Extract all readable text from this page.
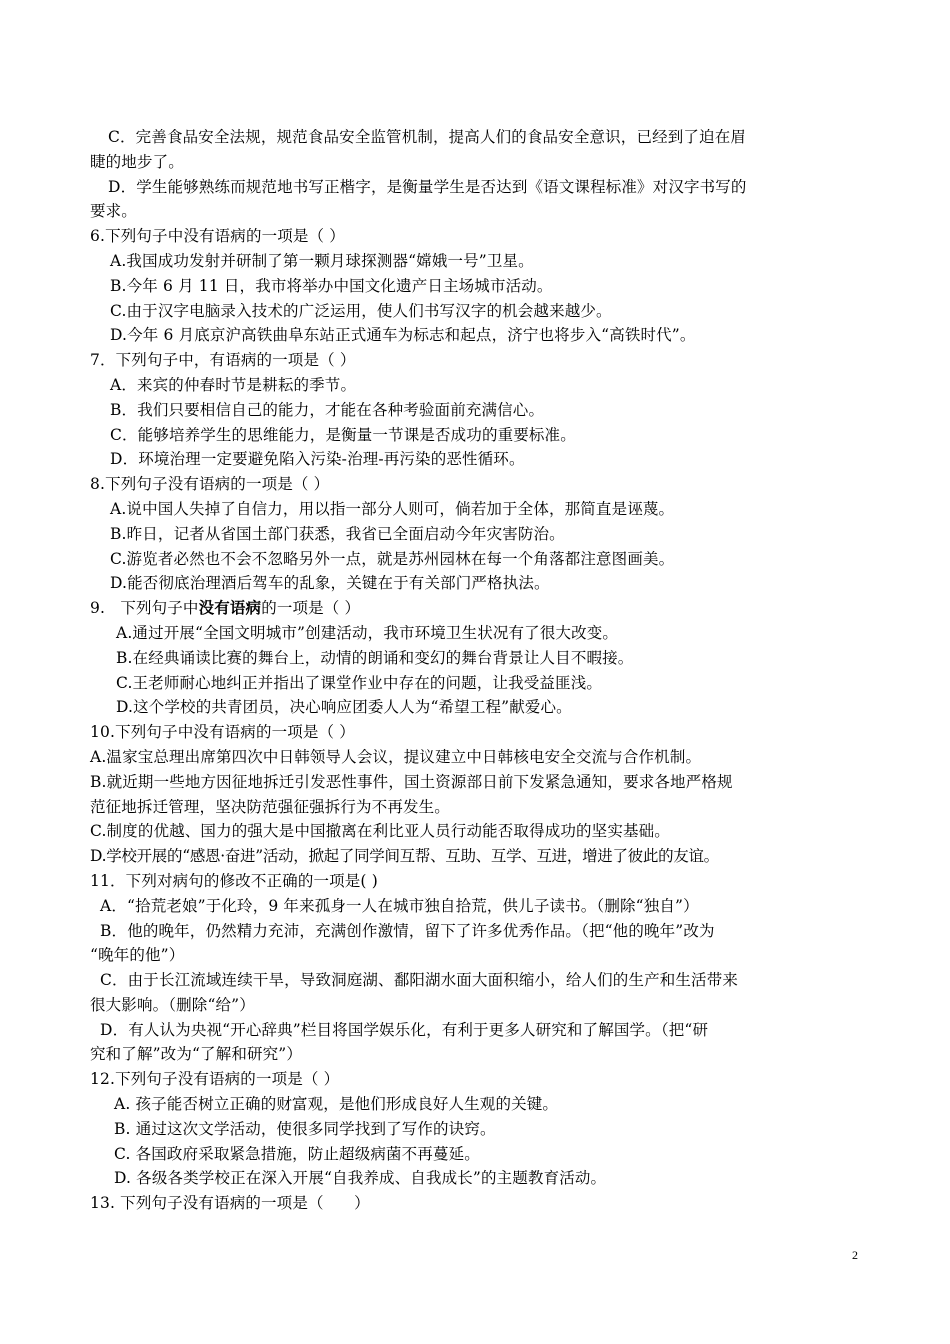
C．完善食品安全法规，规范食品安全监管机制，提高人们的食品安全意识，已经到了迫在眉
睫的地步了。
D．学生能够熟练而规范地书写正楷字，是衡量学生是否达到《语文课程标准》对汉字书写的
要求。
6.下列句子中没有语病的一项是（ ）
A.我国成功发射并研制了第一颗月球探测器“嫦娥一号”卫星。
B.今年 6 月 11 日，我市将举办中国文化遗产日主场城市活动。
C.由于汉字电脑录入技术的广泛运用，使人们书写汉字的机会越来越少。
D.今年 6 月底京沪高铁曲阜东站正式通车为标志和起点，济宁也将步入“高铁时代”。
7．下列句子中，有语病的一项是（ ）
A．来宾的仲春时节是耕耘的季节。
B．我们只要相信自己的能力，才能在各种考验面前充满信心。
C．能够培养学生的思维能力，是衡量一节课是否成功的重要标准。
D．环境治理一定要避免陷入污染-治理-再污染的恶性循环。
8.下列句子没有语病的一项是（ ）
A.说中国人失掉了自信力，用以指一部分人则可，倘若加于全体，那简直是诬蔑。
B.昨日，记者从省国土部门获悉，我省已全面启动今年灾害防治。
C.游览者必然也不会不忽略另外一点，就是苏州园林在每一个角落都注意图画美。
D.能否彻底治理酒后驾车的乱象，关键在于有关部门严格执法。
9.   下列句子中没有语病的一项是（ ）
A.通过开展“全国文明城市”创建活动，我市环境卫生状况有了很大改变。
B.在经典诵读比赛的舞台上，动情的朗诵和变幻的舞台背景让人目不暇接。
C.王老师耐心地纠正并指出了课堂作业中存在的问题，让我受益匪浅。
D.这个学校的共青团员，决心响应团委人人为“希望工程”献爱心。
10.下列句子中没有语病的一项是（ ）
A.温家宝总理出席第四次中日韩领导人会议，提议建立中日韩核电安全交流与合作机制。
B.就近期一些地方因征地拆迁引发恶性事件，国土资源部日前下发紧急通知，要求各地严格规
范征地拆迁管理，坚决防范强征强拆行为不再发生。
C.制度的优越、国力的强大是中国撤离在利比亚人员行动能否取得成功的坚实基础。
D.学校开展的“感恩·奋进”活动，掀起了同学间互帮、互助、互学、互进，增进了彼此的友谊。
11．下列对病句的修改不正确的一项是( )
A．“拾荒老娘”于化玲，9 年来孤身一人在城市独自拾荒，供儿子读书。（删除“独自”）
B．他的晚年，仍然精力充沛，充满创作激情，留下了许多优秀作品。（把“他的晚年”改为
“晚年的他”）
C．由于长江流域连续干旱，导致洞庭湖、鄱阳湖水面大面积缩小，给人们的生产和生活带来
很大影响。（删除“给”）
D．有人认为央视“开心辞典”栏目将国学娱乐化，有利于更多人研究和了解国学。（把“研
究和了解”改为“了解和研究”）
12.下列句子没有语病的一项是（ ）
A. 孩子能否树立正确的财富观，是他们形成良好人生观的关键。
B. 通过这次文学活动，使很多同学找到了写作的诀窍。
C. 各国政府采取紧急措施，防止超级病菌不再蔓延。
D. 各级各类学校正在深入开展“自我养成、自我成长”的主题教育活动。
13. 下列句子没有语病的一项是（      ）
2
